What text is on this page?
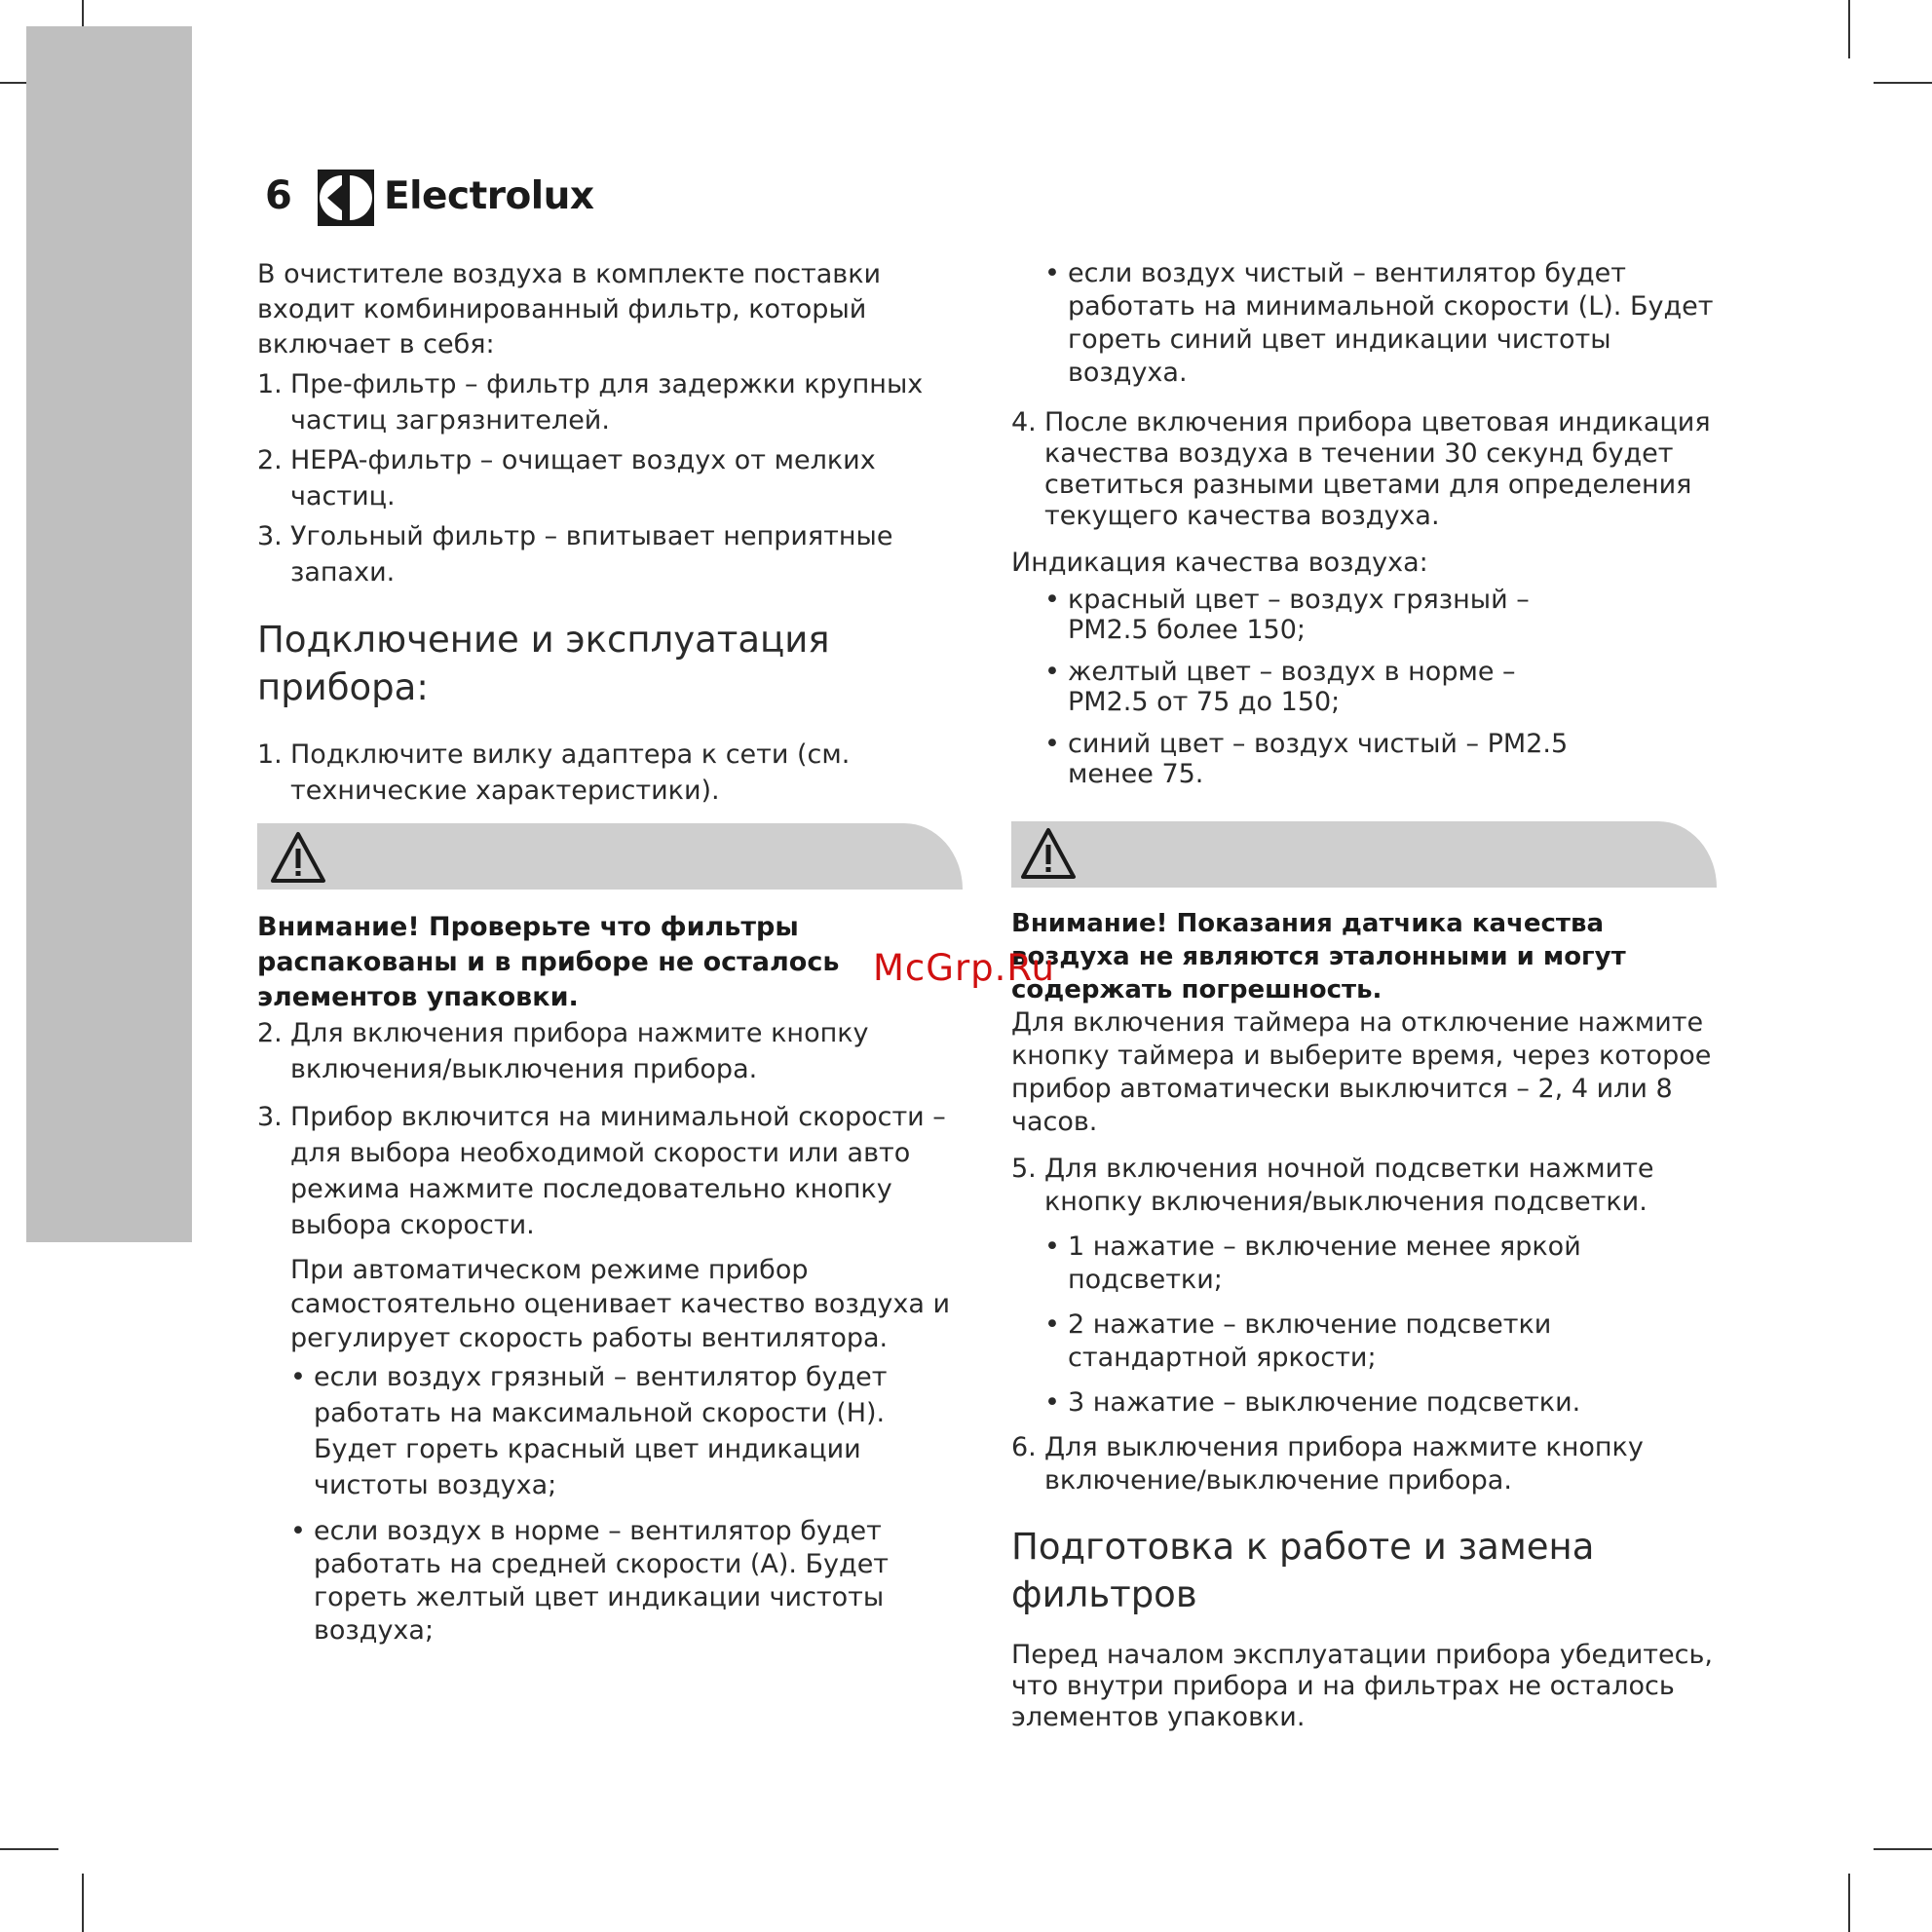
6 Electrolux

В очистителе воздуха в комплекте поставки входит комбинированный фильтр, который включает в себя:

1. Пре-фильтр – фильтр для задержки крупных частиц загрязнителей.
2. HEPA-фильтр – очищает воздух от мелких частиц.
3. Угольный фильтр – впитывает неприятные запахи.
Подключение и эксплуатация прибора:
1. Подключите вилку адаптера к сети (см. технические характеристики).

Внимание! Проверьте что фильтры распакованы и в приборе не осталось элементов упаковки.

2. Для включения прибора нажмите кнопку включения/выключения прибора.
3. Прибор включится на минимальной скорости – для выбора необходимой скорости или авто режима нажмите последовательно кнопку выбора скорости.

При автоматическом режиме прибор самостоятельно оценивает качество воздуха и регулирует скорость работы вентилятора.

• если воздух грязный – вентилятор будет работать на максимальной скорости (H). Будет гореть красный цвет индикации чистоты воздуха;
• если воздух в норме – вентилятор будет работать на средней скорости (A). Будет гореть желтый цвет индикации чистоты воздуха;
• если воздух чистый – вентилятор будет работать на минимальной скорости (L). Будет гореть синий цвет индикации чистоты воздуха.
4. После включения прибора цветовая индикация качества воздуха в течении 30 секунд будет светиться разными цветами для определения текущего качества воздуха.

Индикация качества воздуха:

• красный цвет – воздух грязный – PM2.5 более 150;
• желтый цвет – воздух в норме – PM2.5 от 75 до 150;
• синий цвет – воздух чистый – PM2.5 менее 75.

Внимание! Показания датчика качества воздуха не являются эталонными и могут содержать погрешность.

Для включения таймера на отключение нажмите кнопку таймера и выберите время, через которое прибор автоматически выключится – 2, 4 или 8 часов.

5. Для включения ночной подсветки нажмите кнопку включения/выключения подсветки.
• 1 нажатие – включение менее яркой подсветки;
• 2 нажатие – включение подсветки стандартной яркости;
• 3 нажатие – выключение подсветки.
6. Для выключения прибора нажмите кнопку включение/выключение прибора.
Подготовка к работе и замена фильтров

Перед началом эксплуатации прибора убедитесь, что внутри прибора и на фильтрах не осталось элементов упаковки.

McGrp.Ru
